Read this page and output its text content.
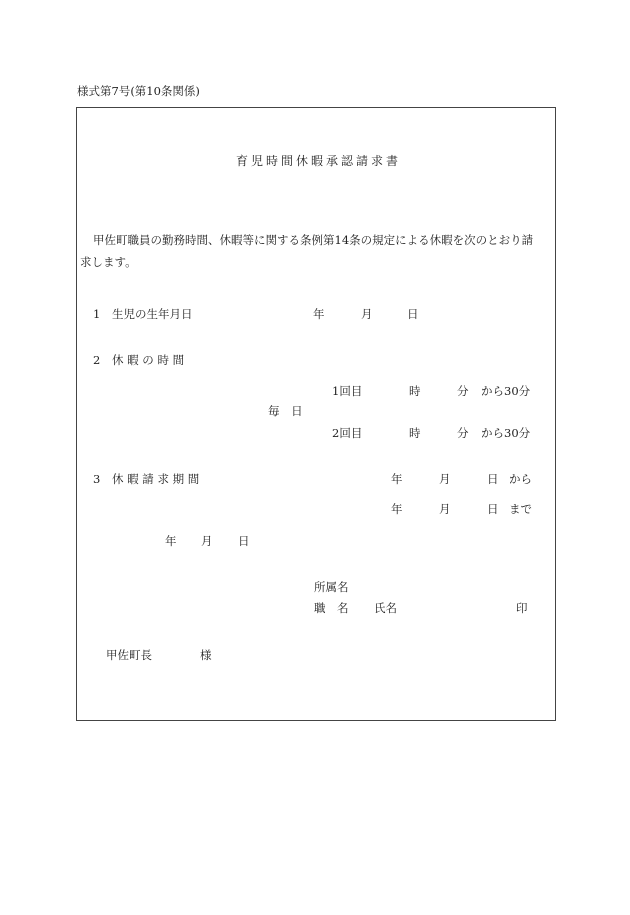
様式第7号(第10条関係)
育児時間休暇承認請求書
甲佐町職員の勤務時間、休暇等に関する条例第14条の規定による休暇を次のとおり請
求します。
1 生児の生年月日	年	月	日
2 休 暇 の 時 間
1回目	時	分 から30分
毎 日
2回目	時	分 から30分
3 休 暇 請 求 期 間	年	月	日 から
年	月	日 まで
年 月 日
所属名
職　名 氏名	印
甲佐町長	様
